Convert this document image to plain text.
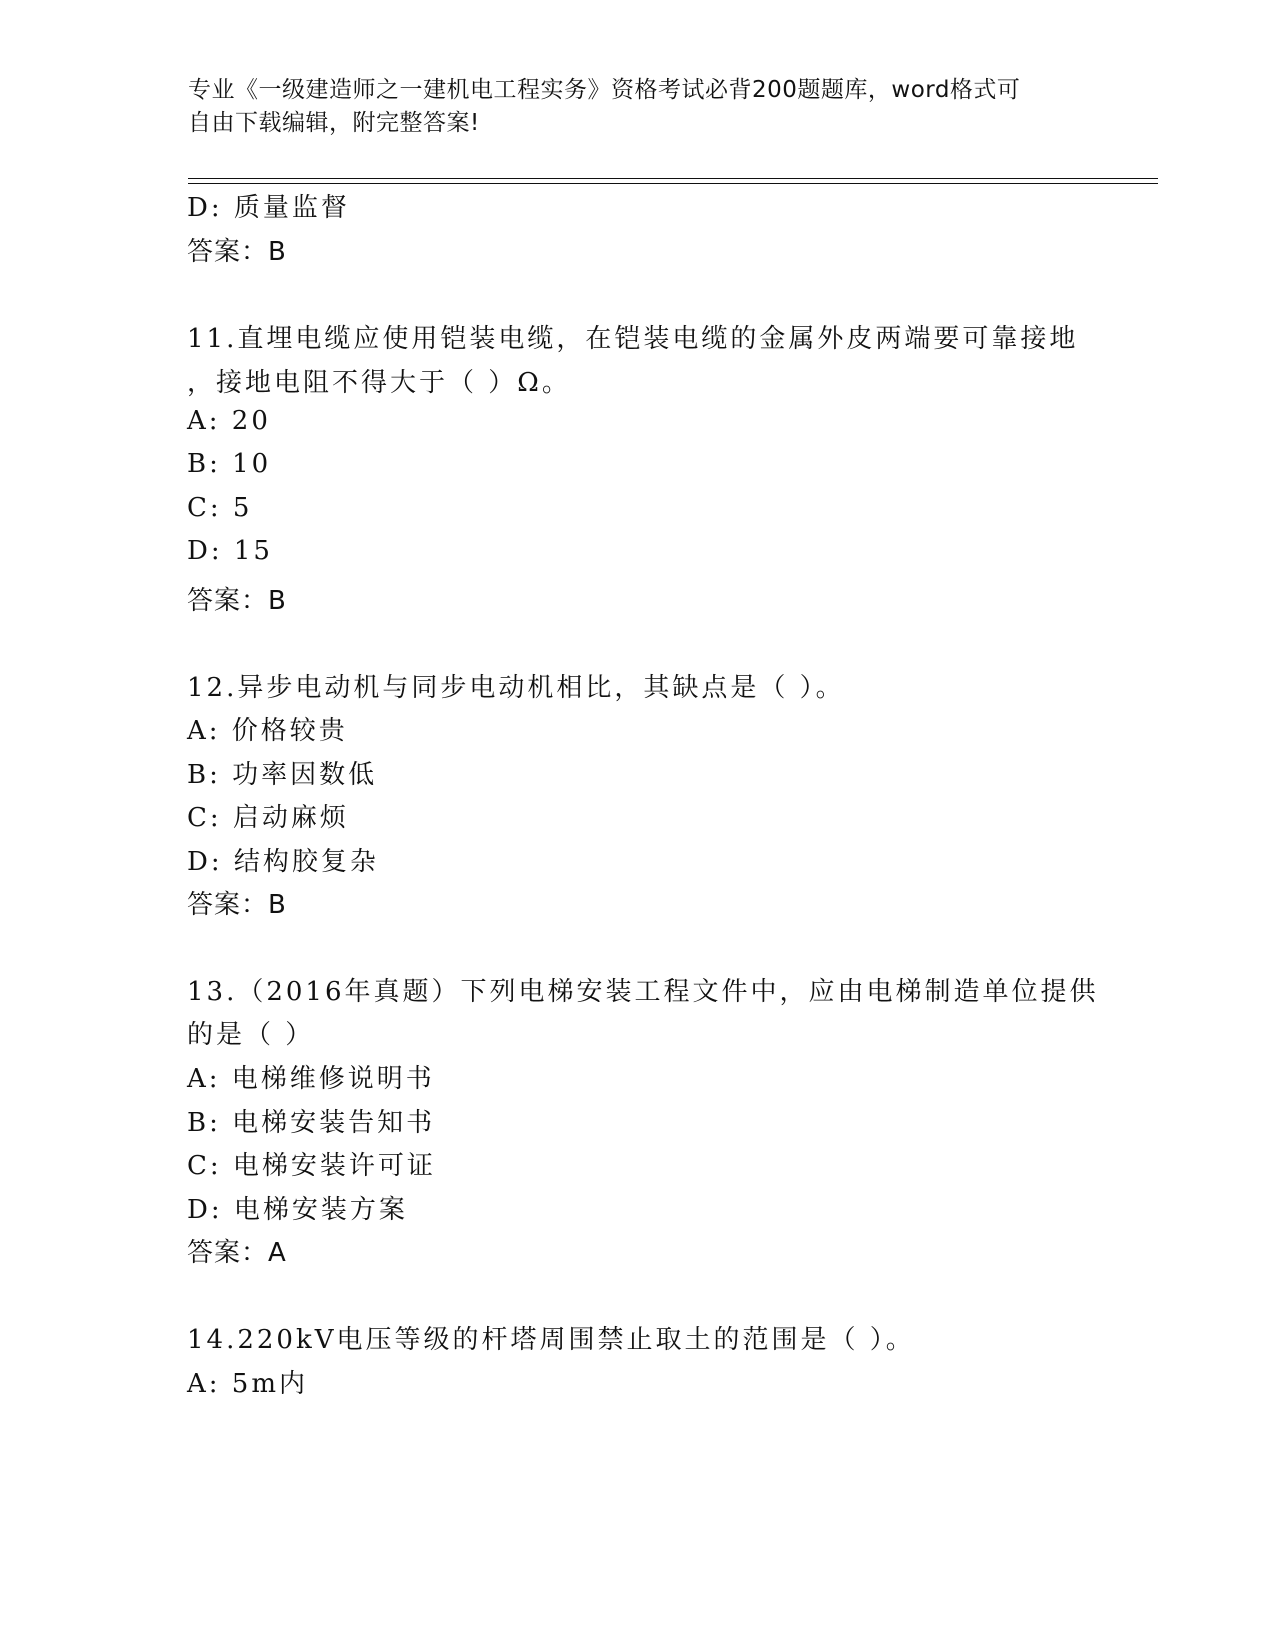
专业《一级建造师之一建机电工程实务》资格考试必背200题题库，word格式可
自由下载编辑，附完整答案!
D: 质量监督
答案：B
11.直埋电缆应使用铠装电缆，在铠装电缆的金属外皮两端要可靠接地
，接地电阻不得大于（ ）Ω。
A: 20
B: 10
C: 5
D: 15
答案：B
12.异步电动机与同步电动机相比，其缺点是（ ）。
A: 价格较贵
B: 功率因数低
C: 启动麻烦
D: 结构胶复杂
答案：B
13.（2016年真题）下列电梯安装工程文件中，应由电梯制造单位提供
的是（ ）
A: 电梯维修说明书
B: 电梯安装告知书
C: 电梯安装许可证
D: 电梯安装方案
答案：A
14.220kV电压等级的杆塔周围禁止取土的范围是（ ）。
A: 5m内
